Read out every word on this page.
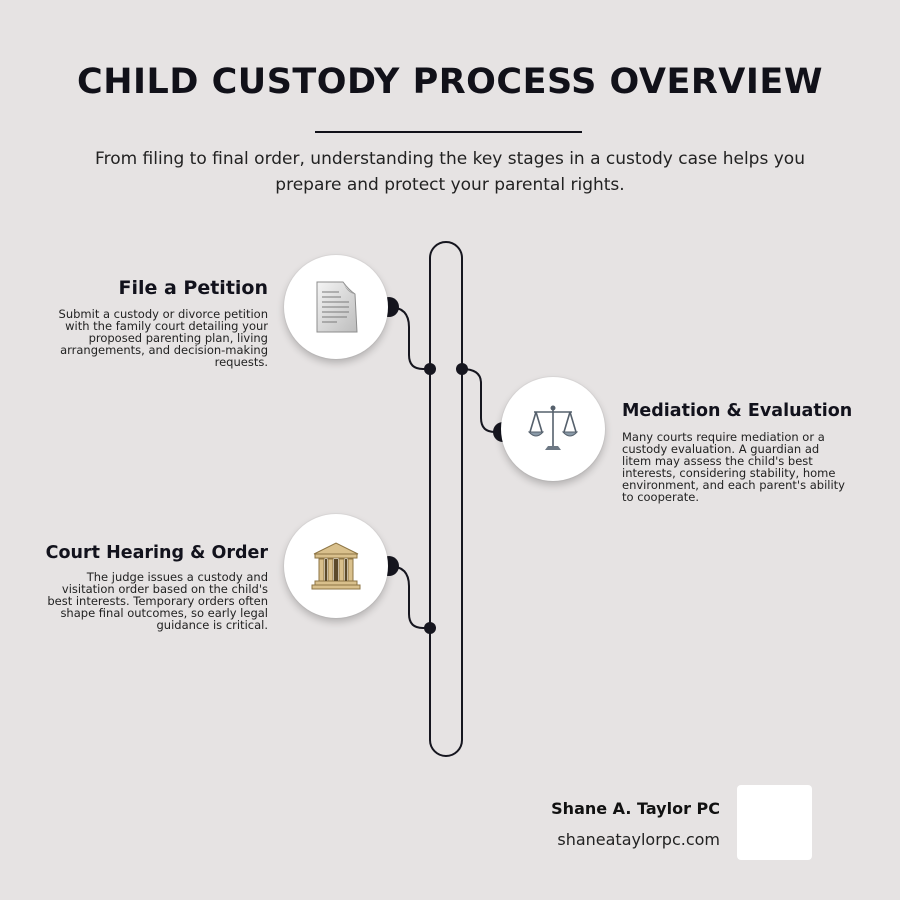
CHILD CUSTODY PROCESS OVERVIEW
From filing to final order, understanding the key stages in a custody case helps you prepare and protect your parental rights.
File a Petition
Submit a custody or divorce petition with the family court detailing your proposed parenting plan, living arrangements, and decision-making requests.
Mediation & Evaluation
Many courts require mediation or a custody evaluation. A guardian ad litem may assess the child's best interests, considering stability, home environment, and each parent's ability to cooperate.
Court Hearing & Order
The judge issues a custody and visitation order based on the child's best interests. Temporary orders often shape final outcomes, so early legal guidance is critical.
Shane A. Taylor PC
shaneataylorpc.com
